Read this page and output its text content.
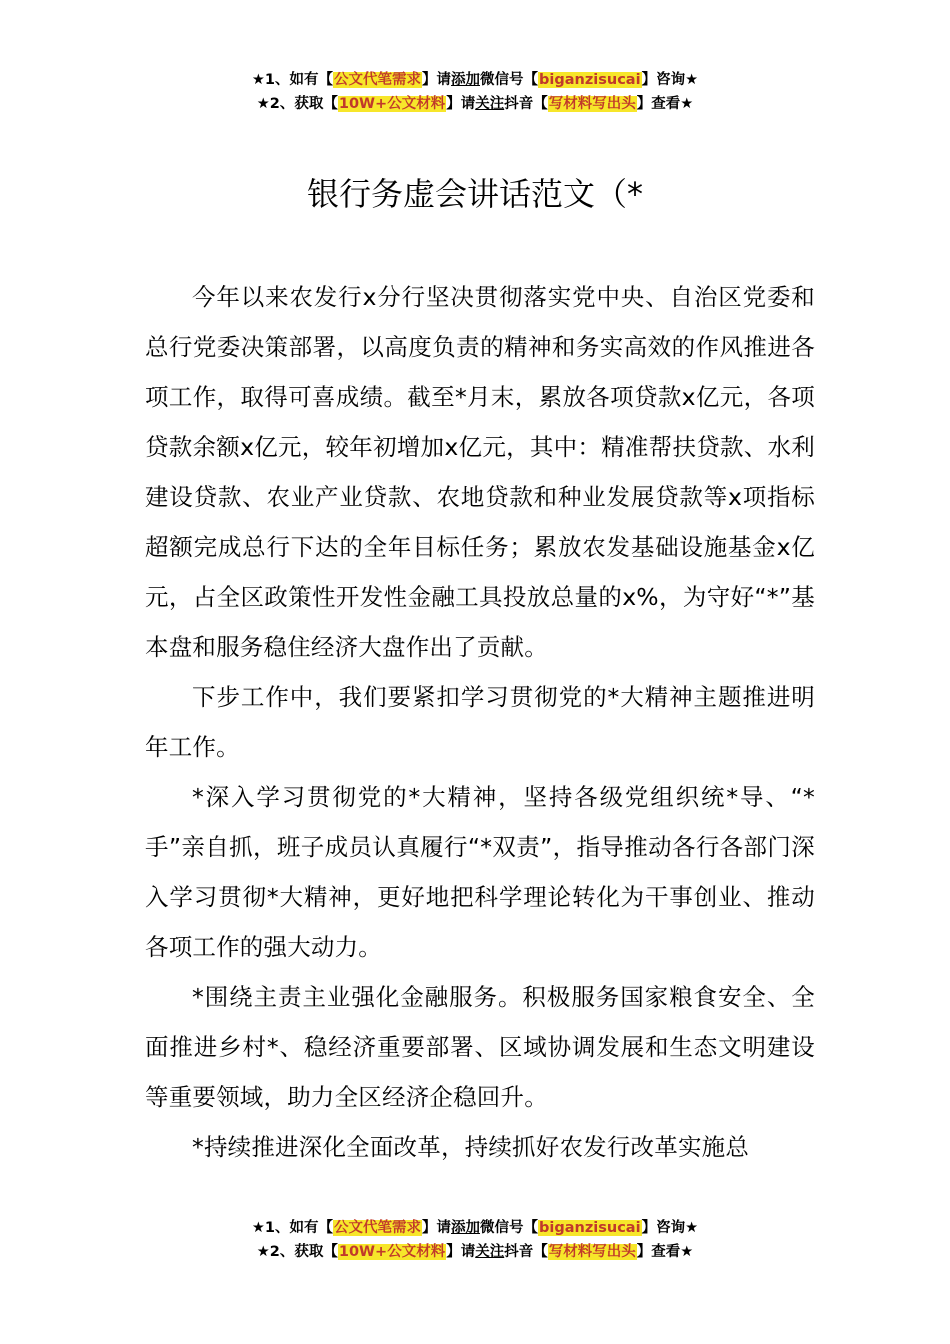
★1、如有【公文代笔需求】请添加微信号【biganzisucai】咨询★
★2、获取【10W+公文材料】请关注抖音【写材料写出头】查看★
银行务虚会讲话范文（*

今年以来农发行x分行坚决贯彻落实党中央、自治区党委和总行党委决策部署，以高度负责的精神和务实高效的作风推进各项工作，取得可喜成绩。截至*月末，累放各项贷款x亿元，各项贷款余额x亿元，较年初增加x亿元，其中：精准帮扶贷款、水利建设贷款、农业产业贷款、农地贷款和种业发展贷款等x项指标超额完成总行下达的全年目标任务；累放农发基础设施基金x亿元，占全区政策性开发性金融工具投放总量的x%，为守好“*”基本盘和服务稳住经济大盘作出了贡献。

下步工作中，我们要紧扣学习贯彻党的*大精神主题推进明年工作。

*深入学习贯彻党的*大精神，坚持各级党组织统*导、“*手”亲自抓，班子成员认真履行“*双责”，指导推动各行各部门深入学习贯彻*大精神，更好地把科学理论转化为干事创业、推动各项工作的强大动力。

*围绕主责主业强化金融服务。积极服务国家粮食安全、全面推进乡村*、稳经济重要部署、区域协调发展和生态文明建设等重要领域，助力全区经济企稳回升。

*持续推进深化全面改革，持续抓好农发行改革实施总

★1、如有【公文代笔需求】请添加微信号【biganzisucai】咨询★
★2、获取【10W+公文材料】请关注抖音【写材料写出头】查看★
